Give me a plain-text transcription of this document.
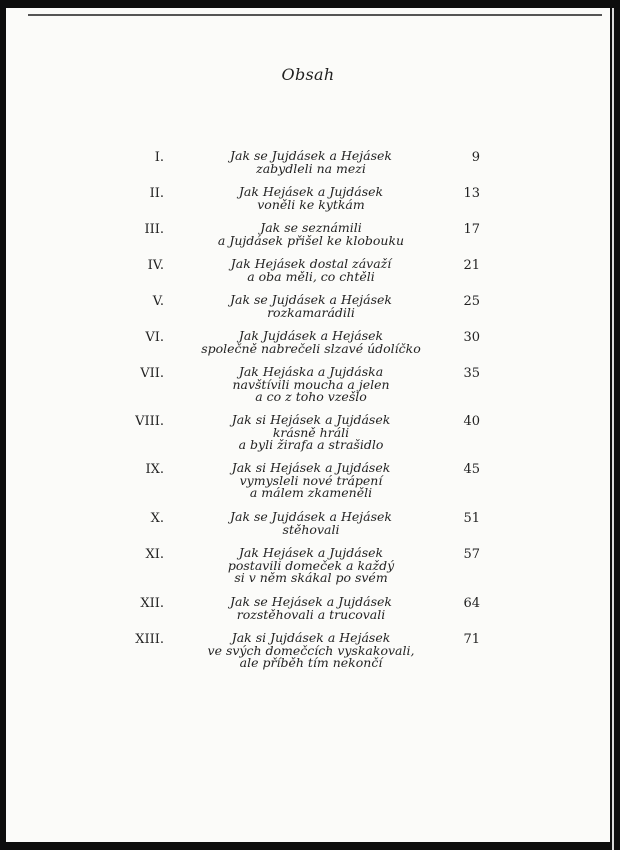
Obsah
I.	Jak se Jujdásek a Hejásek
zabydleli na mezi
9
II.	Jak Hejásek a Jujdásek
voněli ke kytkám
13
III.	Jak se seznámili
a Jujdásek přišel ke klobouku
17
IV.	Jak Hejásek dostal závaží
a oba měli, co chtěli
21
V.	Jak se Jujdásek a Hejásek
rozkamarádili
25
VI.	Jak Jujdásek a Hejásek
společně nabrečeli slzavé údolíčko
30
VII.	Jak Hejáska a Jujdáska
navštívili moucha a jelen
a co z toho vzešlo
35
VIII.	Jak si Hejásek a Jujdásek
krásně hráli
a byli žirafa a strašidlo
40
IX.	Jak si Hejásek a Jujdásek
vymysleli nové trápení
a málem zkameněli
45
X.	Jak se Jujdásek a Hejásek
stěhovali
51
XI.	Jak Hejásek a Jujdásek
postavili domeček a každý
si v něm skákal po svém
57
XII.	Jak se Hejásek a Jujdásek
rozstěhovali a trucovali
64
XIII.	Jak si Jujdásek a Hejásek
ve svých domečcích vyskakovali,
ale příběh tím nekončí
71
